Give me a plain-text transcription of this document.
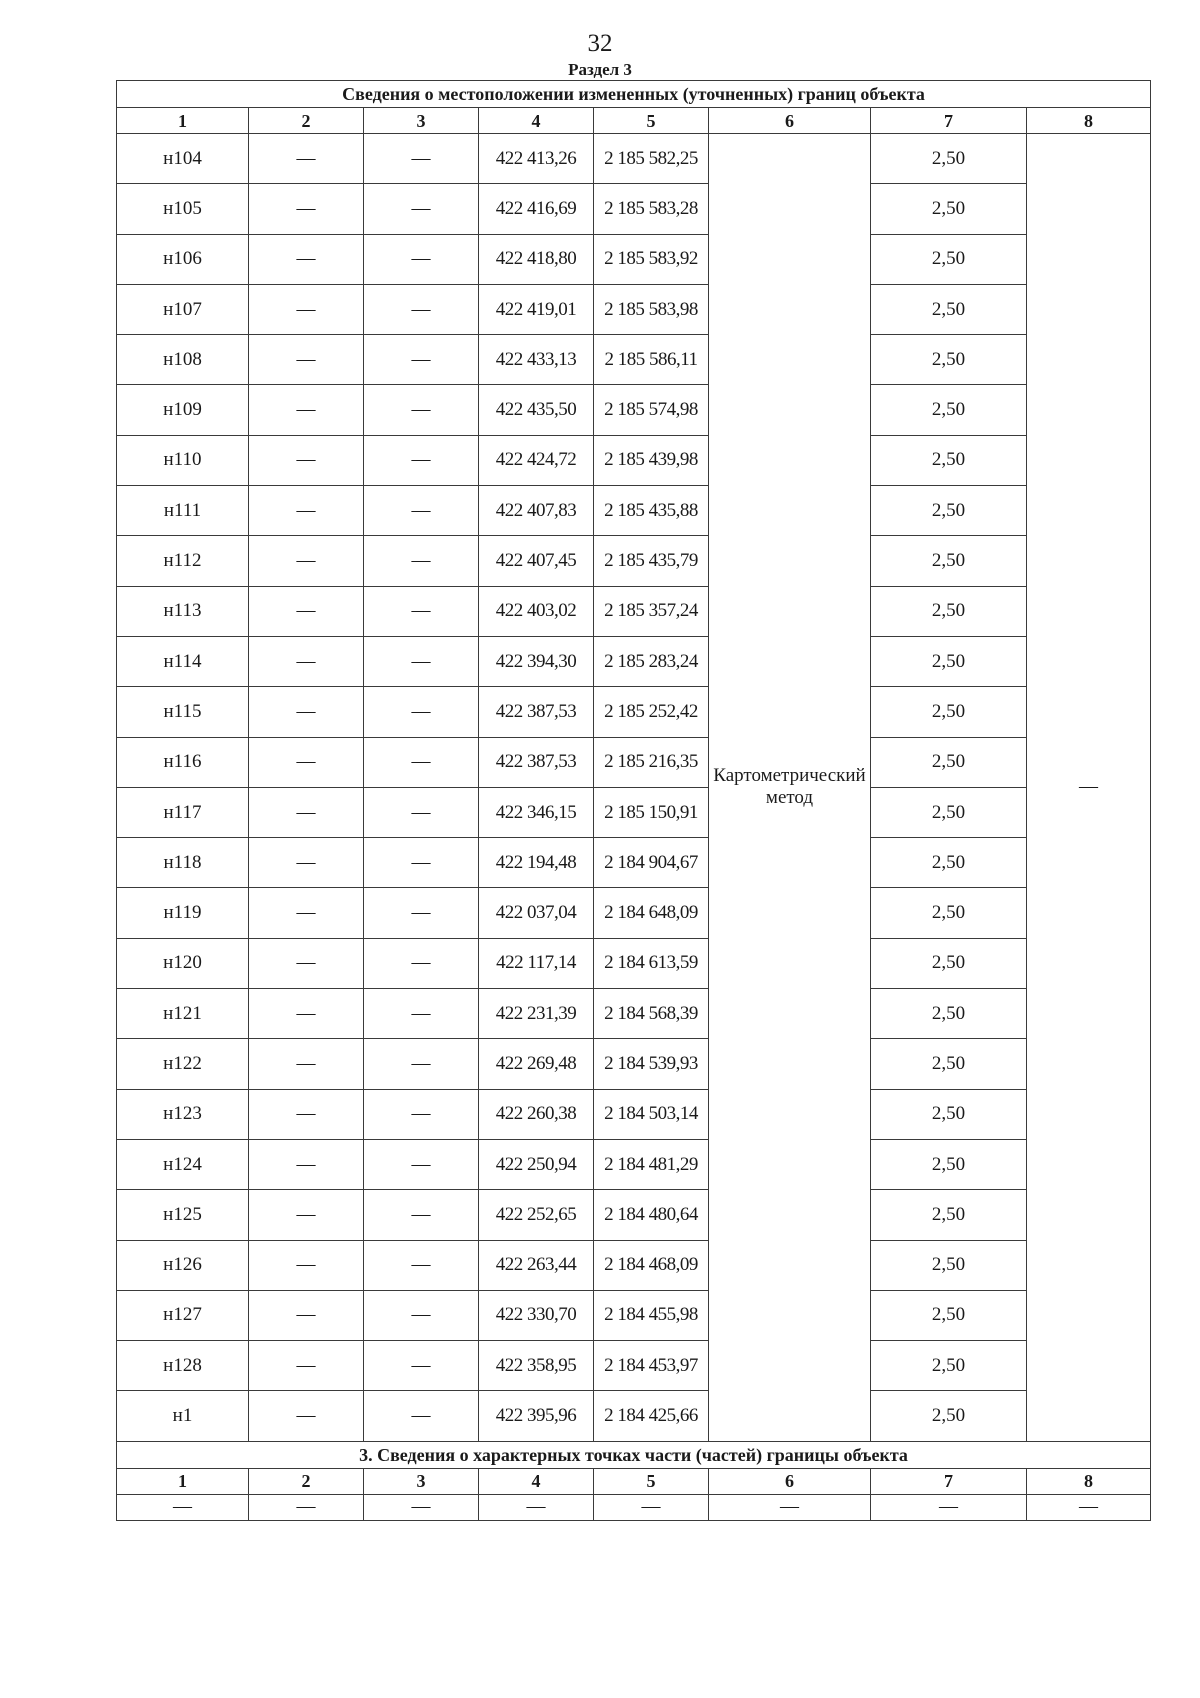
32
Раздел 3
Сведения о местоположении измененных (уточненных) границ объекта							
1	2	3	4	5	6	7	8
н104	—	—	422 413,26	2 185 582,25	Картометрический метод	2,50	—
н105	—	—	422 416,69	2 185 583,28		2,50	
н106	—	—	422 418,80	2 185 583,92		2,50	
н107	—	—	422 419,01	2 185 583,98		2,50	
н108	—	—	422 433,13	2 185 586,11		2,50	
н109	—	—	422 435,50	2 185 574,98		2,50	
н110	—	—	422 424,72	2 185 439,98		2,50	
н111	—	—	422 407,83	2 185 435,88		2,50	
н112	—	—	422 407,45	2 185 435,79		2,50	
н113	—	—	422 403,02	2 185 357,24		2,50	
н114	—	—	422 394,30	2 185 283,24		2,50	
н115	—	—	422 387,53	2 185 252,42		2,50	
н116	—	—	422 387,53	2 185 216,35		2,50	
н117	—	—	422 346,15	2 185 150,91		2,50	
н118	—	—	422 194,48	2 184 904,67		2,50	
н119	—	—	422 037,04	2 184 648,09		2,50	
н120	—	—	422 117,14	2 184 613,59		2,50	
н121	—	—	422 231,39	2 184 568,39		2,50	
н122	—	—	422 269,48	2 184 539,93		2,50	
н123	—	—	422 260,38	2 184 503,14		2,50	
н124	—	—	422 250,94	2 184 481,29		2,50	
н125	—	—	422 252,65	2 184 480,64		2,50	
н126	—	—	422 263,44	2 184 468,09		2,50	
н127	—	—	422 330,70	2 184 455,98		2,50	
н128	—	—	422 358,95	2 184 453,97		2,50	
н1	—	—	422 395,96	2 184 425,66		2,50	
3. Сведения о характерных точках части (частей) границы объекта							
1	2	3	4	5	6	7	8
—	—	—	—	—	—	—	—
